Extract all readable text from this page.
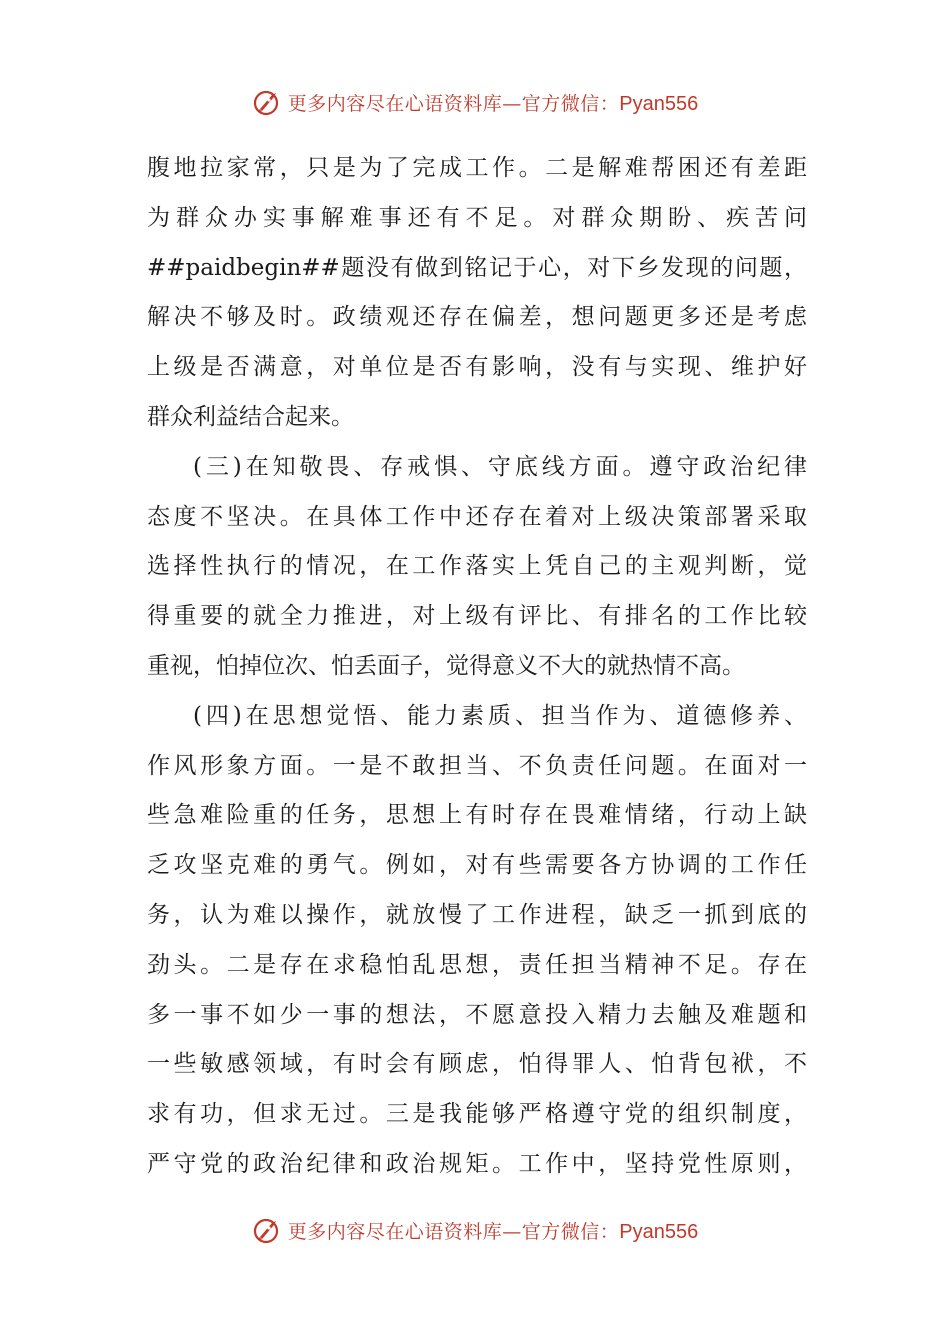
更多内容尽在心语资料库—官方微信：Pyan556
腹地拉家常，只是为了完成工作。二是解难帮困还有差距
为群众办实事解难事还有不足。对群众期盼、疾苦问
##paidbegin##题没有做到铭记于心，对下乡发现的问题，
解决不够及时。政绩观还存在偏差，想问题更多还是考虑
上级是否满意，对单位是否有影响，没有与实现、维护好
群众利益结合起来。
(三)在知敬畏、存戒惧、守底线方面。遵守政治纪律
态度不坚决。在具体工作中还存在着对上级决策部署采取
选择性执行的情况，在工作落实上凭自己的主观判断，觉
得重要的就全力推进，对上级有评比、有排名的工作比较
重视，怕掉位次、怕丢面子，觉得意义不大的就热情不高。
(四)在思想觉悟、能力素质、担当作为、道德修养、
作风形象方面。一是不敢担当、不负责任问题。在面对一
些急难险重的任务，思想上有时存在畏难情绪，行动上缺
乏攻坚克难的勇气。例如，对有些需要各方协调的工作任
务，认为难以操作，就放慢了工作进程，缺乏一抓到底的
劲头。二是存在求稳怕乱思想，责任担当精神不足。存在
多一事不如少一事的想法，不愿意投入精力去触及难题和
一些敏感领域，有时会有顾虑，怕得罪人、怕背包袱，不
求有功，但求无过。三是我能够严格遵守党的组织制度，
严守党的政治纪律和政治规矩。工作中，坚持党性原则，
更多内容尽在心语资料库—官方微信：Pyan556
